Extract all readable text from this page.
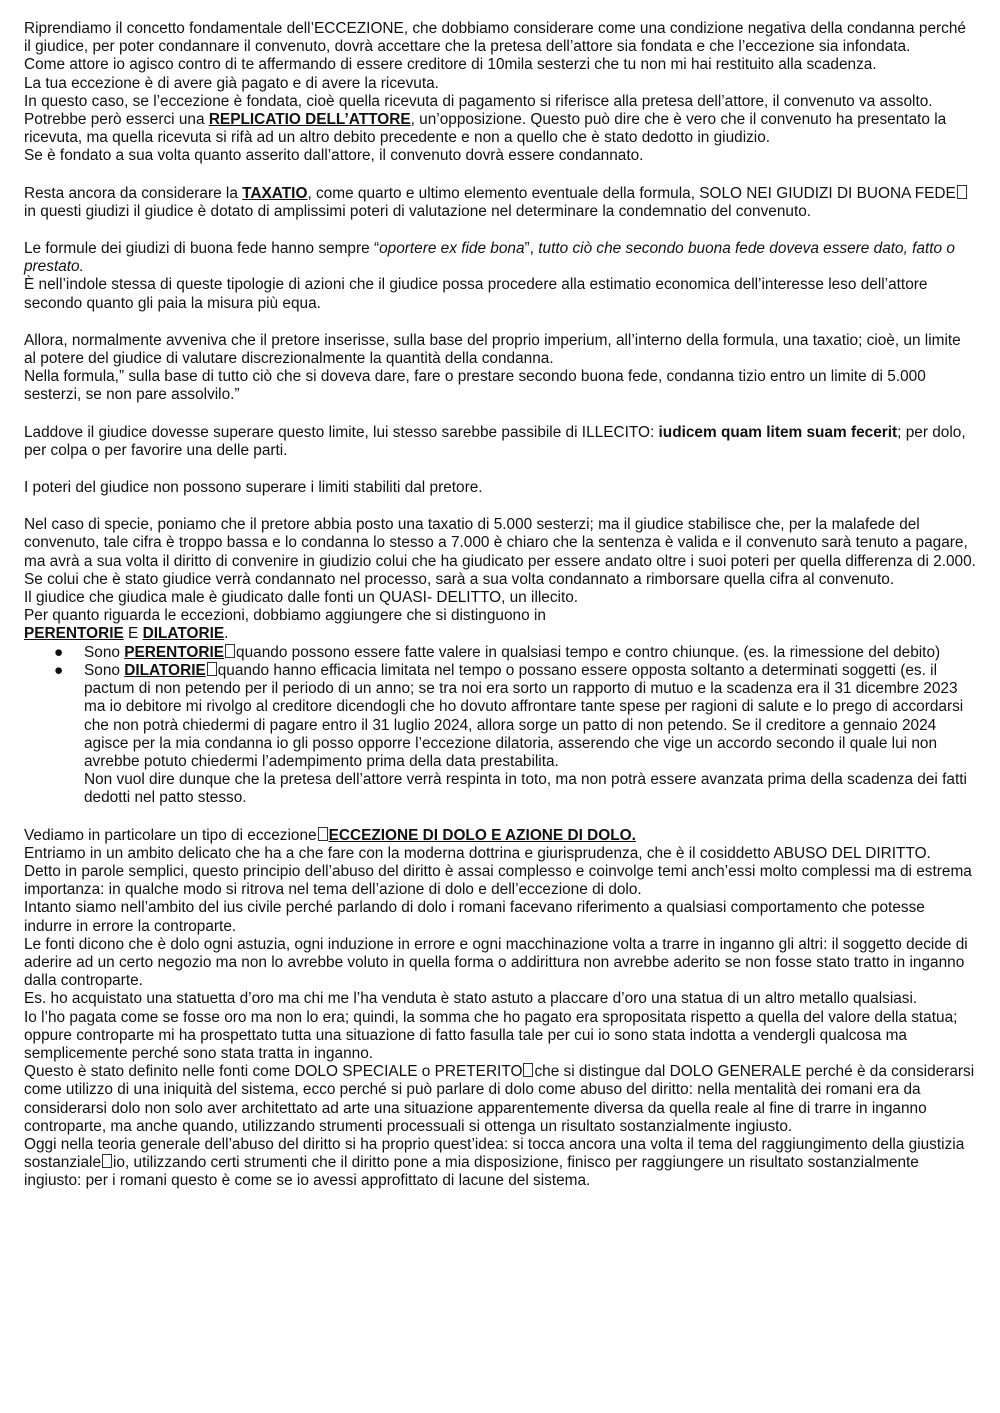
Riprendiamo il concetto fondamentale dell’ECCEZIONE, che dobbiamo considerare come una condizione negativa della condanna perché il giudice, per poter condannare il convenuto, dovrà accettare che la pretesa dell’attore sia fondata e che l’eccezione sia infondata.

Come attore io agisco contro di te affermando di essere creditore di 10mila sesterzi che tu non mi hai restituito alla scadenza.

La tua eccezione è di avere già pagato e di avere la ricevuta.

In questo caso, se l’eccezione è fondata, cioè quella ricevuta di pagamento si riferisce alla pretesa dell’attore, il convenuto va assolto.

Potrebbe però esserci una REPLICATIO DELL’ATTORE, un’opposizione. Questo può dire che è vero che il convenuto ha presentato la ricevuta, ma quella ricevuta si rifà ad un altro debito precedente e non a quello che è stato dedotto in giudizio.

Se è fondato a sua volta quanto asserito dall’attore, il convenuto dovrà essere condannato.

Resta ancora da considerare la TAXATIO, come quarto e ultimo elemento eventuale della formula, SOLO NEI GIUDIZI DI BUONA FEDEin questi giudizi il giudice è dotato di amplissimi poteri di valutazione nel determinare la condemnatio del convenuto.

Le formule dei giudizi di buona fede hanno sempre “oportere ex fide bona”, tutto ciò che secondo buona fede doveva essere dato, fatto o prestato.

È nell’indole stessa di queste tipologie di azioni che il giudice possa procedere alla estimatio economica dell’interesse leso dell’attore secondo quanto gli paia la misura più equa.

Allora, normalmente avveniva che il pretore inserisse, sulla base del proprio imperium, all’interno della formula, una taxatio; cioè, un limite al potere del giudice di valutare discrezionalmente la quantità della condanna.

Nella formula,” sulla base di tutto ciò che si doveva dare, fare o prestare secondo buona fede, condanna tizio entro un limite di 5.000 sesterzi, se non pare assolvilo.”

Laddove il giudice dovesse superare questo limite, lui stesso sarebbe passibile di ILLECITO: iudicem quam litem suam fecerit; per dolo, per colpa o per favorire una delle parti.

I poteri del giudice non possono superare i limiti stabiliti dal pretore.

Nel caso di specie, poniamo che il pretore abbia posto una taxatio di 5.000 sesterzi; ma il giudice stabilisce che, per la malafede del convenuto, tale cifra è troppo bassa e lo condanna lo stesso a 7.000 è chiaro che la sentenza è valida e il convenuto sarà tenuto a pagare, ma avrà a sua volta il diritto di convenire in giudizio colui che ha giudicato per essere andato oltre i suoi poteri per quella differenza di 2.000.

Se colui che è stato giudice verrà condannato nel processo, sarà a sua volta condannato a rimborsare quella cifra al convenuto.

Il giudice che giudica male è giudicato dalle fonti un QUASI- DELITTO, un illecito.

Per quanto riguarda le eccezioni, dobbiamo aggiungere che si distinguono in

PERENTORIE E DILATORIE.

● Sono PERENTORIE quando possono essere fatte valere in qualsiasi tempo e contro chiunque. (es. la rimessione del debito)
● Sono DILATORIE quando hanno efficacia limitata nel tempo o possano essere opposta soltanto a determinati soggetti (es. il pactum di non petendo per il periodo di un anno; se tra noi era sorto un rapporto di mutuo e la scadenza era il 31 dicembre 2023 ma io debitore mi rivolgo al creditore dicendogli che ho dovuto affrontare tante spese per ragioni di salute e lo prego di accordarsi che non potrà chiedermi di pagare entro il 31 luglio 2024, allora sorge un patto di non petendo. Se il creditore a gennaio 2024 agisce per la mia condanna io gli posso opporre l’eccezione dilatoria, asserendo che vige un accordo secondo il quale lui non avrebbe potuto chiedermi l’adempimento prima della data prestabilita.

Non vuol dire dunque che la pretesa dell’attore verrà respinta in toto, ma non potrà essere avanzata prima della scadenza dei fatti dedotti nel patto stesso.

Vediamo in particolare un tipo di eccezione ECCEZIONE DI DOLO E AZIONE DI DOLO.

Entriamo in un ambito delicato che ha a che fare con la moderna dottrina e giurisprudenza, che è il cosiddetto ABUSO DEL DIRITTO.

Detto in parole semplici, questo principio dell’abuso del diritto è assai complesso e coinvolge temi anch’essi molto complessi ma di estrema importanza: in qualche modo si ritrova nel tema dell’azione di dolo e dell’eccezione di dolo.

Intanto siamo nell’ambito del ius civile perché parlando di dolo i romani facevano riferimento a qualsiasi comportamento che potesse indurre in errore la controparte.

Le fonti dicono che è dolo ogni astuzia, ogni induzione in errore e ogni macchinazione volta a trarre in inganno gli altri: il soggetto decide di aderire ad un certo negozio ma non lo avrebbe voluto in quella forma o addirittura non avrebbe aderito se non fosse stato tratto in inganno dalla controparte.

Es. ho acquistato una statuetta d’oro ma chi me l’ha venduta è stato astuto a placcare d’oro una statua di un altro metallo qualsiasi.

Io l’ho pagata come se fosse oro ma non lo era; quindi, la somma che ho pagato era spropositata rispetto a quella del valore della statua; oppure controparte mi ha prospettato tutta una situazione di fatto fasulla tale per cui io sono stata indotta a vendergli qualcosa ma semplicemente perché sono stata tratta in inganno.

Questo è stato definito nelle fonti come DOLO SPECIALE o PRETERITO che si distingue dal DOLO GENERALE perché è da considerarsi come utilizzo di una iniquità del sistema, ecco perché si può parlare di dolo come abuso del diritto: nella mentalità dei romani era da considerarsi dolo non solo aver architettato ad arte una situazione apparentemente diversa da quella reale al fine di trarre in inganno controparte, ma anche quando, utilizzando strumenti processuali si ottenga un risultato sostanzialmente ingiusto.

Oggi nella teoria generale dell’abuso del diritto si ha proprio quest’idea: si tocca ancora una volta il tema del raggiungimento della giustizia sostanziale io, utilizzando certi strumenti che il diritto pone a mia disposizione, finisco per raggiungere un risultato sostanzialmente ingiusto: per i romani questo è come se io avessi approfittato di lacune del sistema.
